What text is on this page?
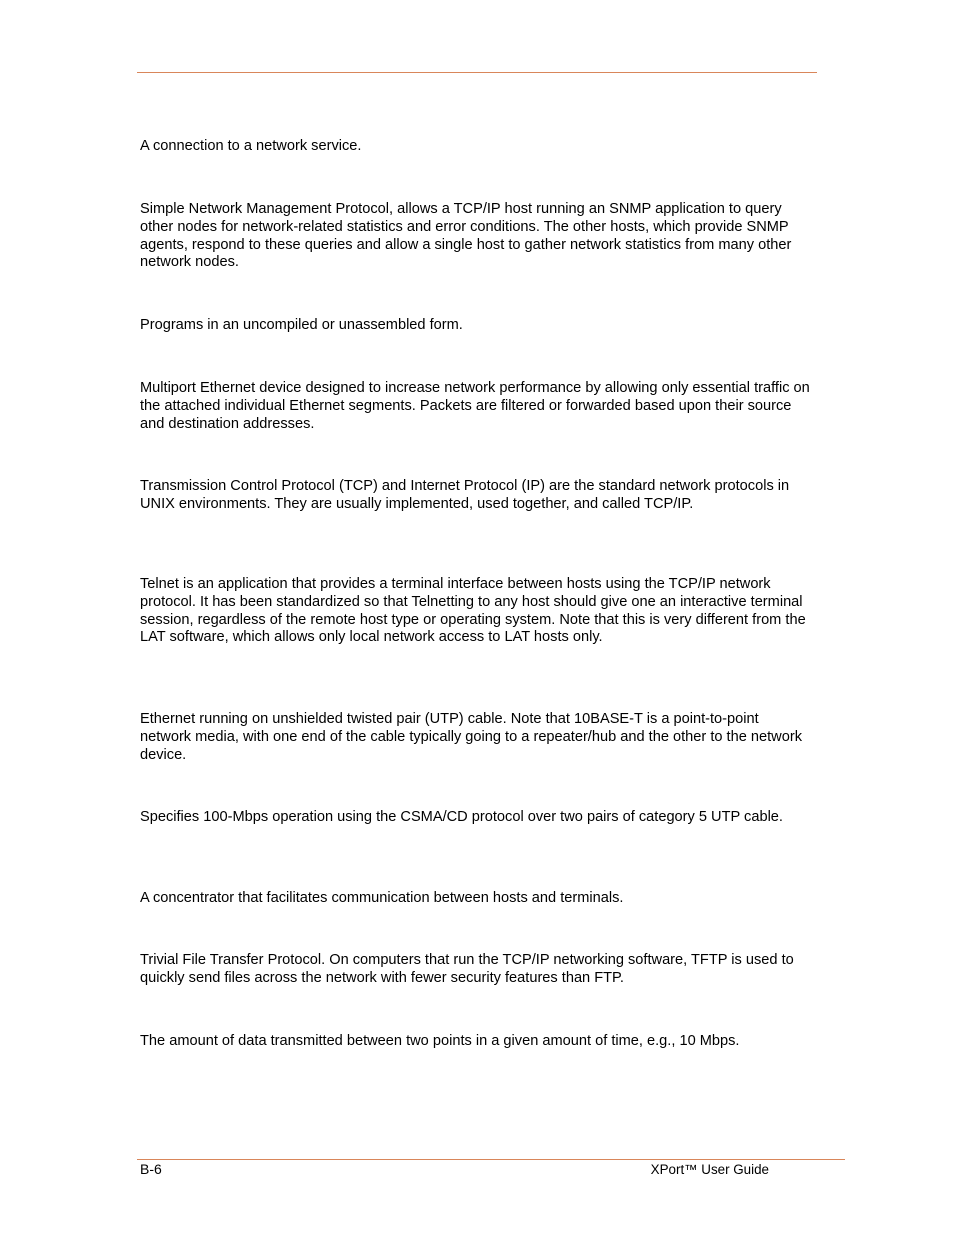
A connection to a network service.

Simple Network Management Protocol, allows a TCP/IP host running an SNMP application to query other nodes for network-related statistics and error conditions. The other hosts, which provide SNMP agents, respond to these queries and allow a single host to gather network statistics from many other network nodes.

Programs in an uncompiled or unassembled form.

Multiport Ethernet device designed to increase network performance by allowing only essential traffic on the attached individual Ethernet segments. Packets are filtered or forwarded based upon their source and destination addresses.

Transmission Control Protocol (TCP) and Internet Protocol (IP) are the standard network protocols in UNIX environments. They are usually implemented, used together, and called TCP/IP.

Telnet is an application that provides a terminal interface between hosts using the TCP/IP network protocol. It has been standardized so that Telnetting to any host should give one an interactive terminal session, regardless of the remote host type or operating system. Note that this is very different from the LAT software, which allows only local network access to LAT hosts only.

Ethernet running on unshielded twisted pair (UTP) cable. Note that 10BASE-T is a point-to-point network media, with one end of the cable typically going to a repeater/hub and the other to the network device.

Specifies 100-Mbps operation using the CSMA/CD protocol over two pairs of category 5 UTP cable.

A concentrator that facilitates communication between hosts and terminals.

Trivial File Transfer Protocol. On computers that run the TCP/IP networking software, TFTP is used to quickly send files across the network with fewer security features than FTP.

The amount of data transmitted between two points in a given amount of time, e.g., 10 Mbps.

B-6	XPort™ User Guide
